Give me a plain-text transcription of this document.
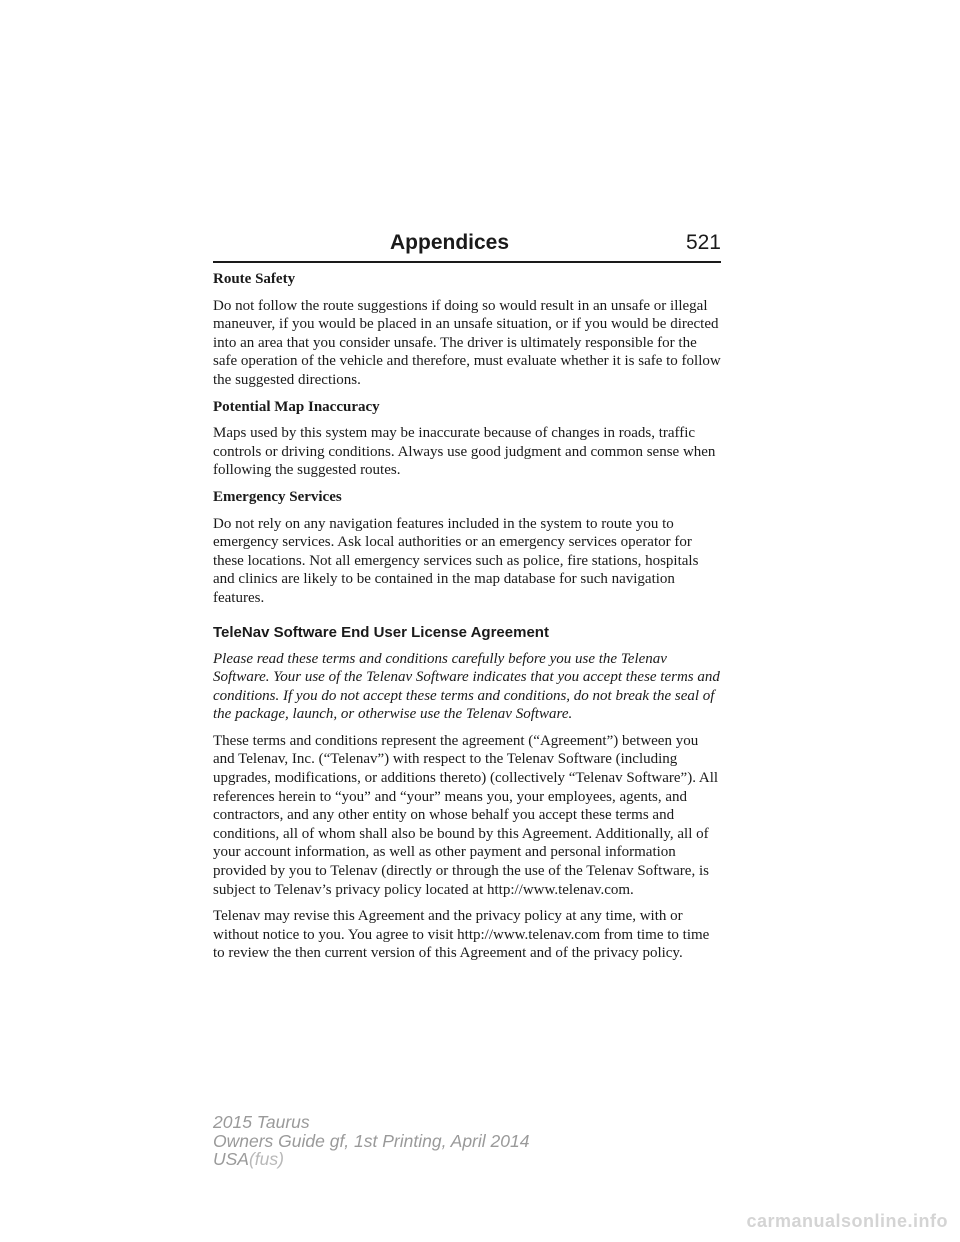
Appendices	521
Route Safety

Do not follow the route suggestions if doing so would result in an unsafe or illegal maneuver, if you would be placed in an unsafe situation, or if you would be directed into an area that you consider unsafe. The driver is ultimately responsible for the safe operation of the vehicle and therefore, must evaluate whether it is safe to follow the suggested directions.

Potential Map Inaccuracy

Maps used by this system may be inaccurate because of changes in roads, traffic controls or driving conditions. Always use good judgment and common sense when following the suggested routes.

Emergency Services

Do not rely on any navigation features included in the system to route you to emergency services. Ask local authorities or an emergency services operator for these locations. Not all emergency services such as police, fire stations, hospitals and clinics are likely to be contained in the map database for such navigation features.

TeleNav Software End User License Agreement

Please read these terms and conditions carefully before you use the Telenav Software. Your use of the Telenav Software indicates that you accept these terms and conditions. If you do not accept these terms and conditions, do not break the seal of the package, launch, or otherwise use the Telenav Software.

These terms and conditions represent the agreement (“Agreement”) between you and Telenav, Inc. (“Telenav”) with respect to the Telenav Software (including upgrades, modifications, or additions thereto) (collectively “Telenav Software”). All references herein to “you” and “your” means you, your employees, agents, and contractors, and any other entity on whose behalf you accept these terms and conditions, all of whom shall also be bound by this Agreement. Additionally, all of your account information, as well as other payment and personal information provided by you to Telenav (directly or through the use of the Telenav Software, is subject to Telenav’s privacy policy located at http://www.telenav.com.

Telenav may revise this Agreement and the privacy policy at any time, with or without notice to you. You agree to visit http://www.telenav.com from time to time to review the then current version of this Agreement and of the privacy policy.

2015 Taurus
Owners Guide gf, 1st Printing, April 2014
USA(fus)
carmanualsonline.info
